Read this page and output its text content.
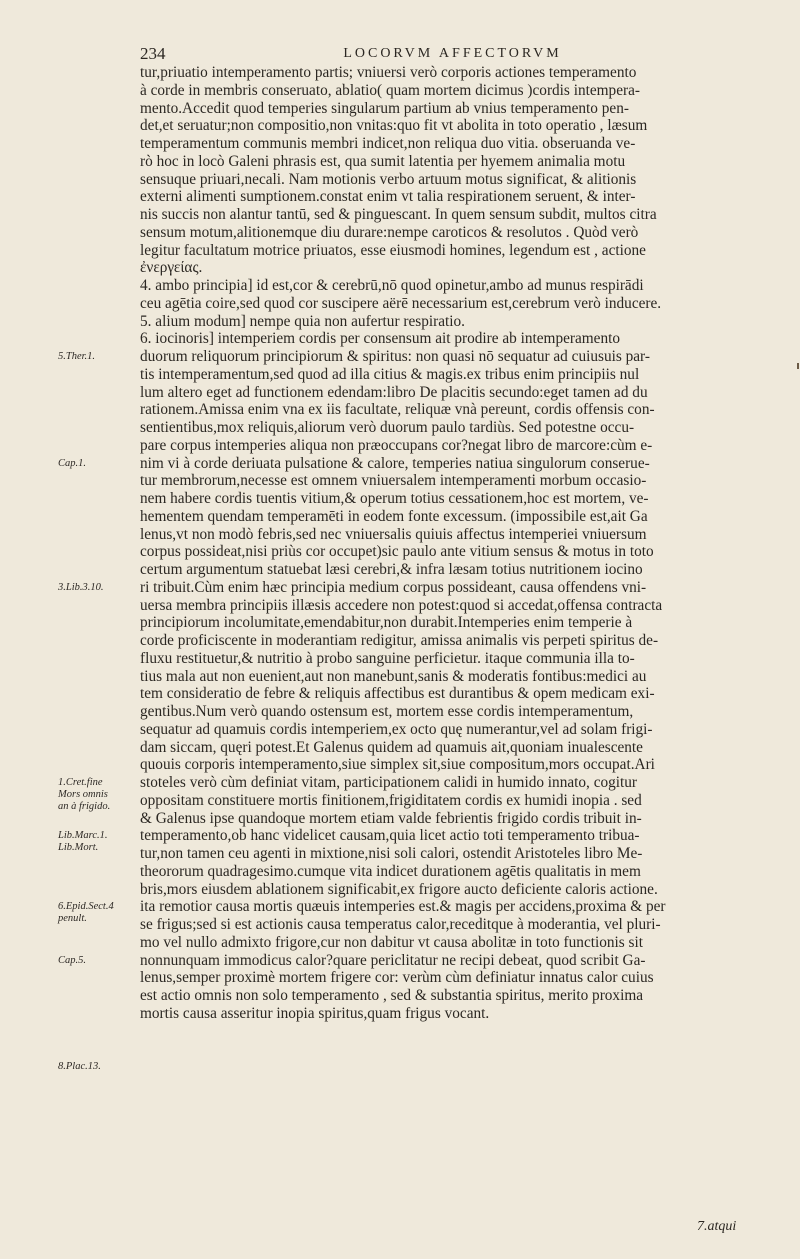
234	LOCORVM AFFECTORVM
tur,priuatio intemperamento partis; vniuersi verò corporis actiones temperamento
à corde in membris conseruato, ablatio( quam mortem dicimus )cordis intempera-
mento.Accedit quod temperies singularum partium ab vnius temperamento pen-
det,et seruatur;non compositio,non vnitas:quo fit vt abolita in toto operatio , læsum
temperamentum communis membri indicet,non reliqua duo vitia. obseruanda ve-
rò hoc in locò Galeni phrasis est, qua sumit latentia per hyemem animalia motu
sensuque priuari,necali. Nam motionis verbo artuum motus significat, & alitionis
externi alimenti sumptionem.constat enim vt talia respirationem seruent, & inter-
nis succis non alantur tantū, sed & pinguescant. In quem sensum subdit, multos citra
sensum motum,alitionemque diu durare:nempe caroticos & resolutos . Quòd verò
legitur facultatum motrice priuatos, esse eiusmodi homines, legendum est , actione
ἐνεργείας.
4. ambo principia] id est,cor & cerebrū,nō quod opinetur,ambo ad munus respirādi
ceu agētia coire,sed quod cor suscipere aërē necessarium est,cerebrum verò inducere.
5. alium modum] nempe quia non aufertur respiratio.
6. iocinoris] intemperiem cordis per consensum ait prodire ab intemperamento
duorum reliquorum principiorum & spiritus: non quasi nō sequatur ad cuiusuis par-
tis intemperamentum,sed quod ad illa citius & magis.ex tribus enim principiis nul
lum altero eget ad functionem edendam:libro De placitis secundo:eget tamen ad du
rationem.Amissa enim vna ex iis facultate, reliquæ vnà pereunt, cordis offensis con-
sentientibus,mox reliquis,aliorum verò duorum paulo tardiùs. Sed potestne occu-
pare corpus intemperies aliqua non præoccupans cor?negat libro de marcore:cùm e-
nim vi à corde deriuata pulsatione & calore, temperies natiua singulorum conserue-
tur membrorum,necesse est omnem vniuersalem intemperamenti morbum occasio-
nem habere cordis tuentis vitium,& operum totius cessationem,hoc est mortem, ve-
hementem quendam temperamēti in eodem fonte excessum. (impossibile est,ait Ga
lenus,vt non modò febris,sed nec vniuersalis quiuis affectus intemperiei vniuersum
corpus possideat,nisi priùs cor occupet)sic paulo ante vitium sensus & motus in toto
certum argumentum statuebat læsi cerebri,& infra læsam totius nutritionem iocino
ri tribuit.Cùm enim hæc principia medium corpus possideant, causa offendens vni-
uersa membra principiis illæsis accedere non potest:quod si accedat,offensa contracta
principiorum incolumitate,emendabitur,non durabit.Intemperies enim temperie à
corde proficiscente in moderantiam redigitur, amissa animalis vis perpeti spiritus de-
fluxu restituetur,& nutritio à probo sanguine perficietur. itaque communia illa to-
tius mala aut non euenient,aut non manebunt,sanis & moderatis fontibus:medici au
tem consideratio de febre & reliquis affectibus est durantibus & opem medicam exi-
gentibus.Num verò quando ostensum est, mortem esse cordis intemperamentum,
sequatur ad quamuis cordis intemperiem,ex octo quę numerantur,vel ad solam frigi-
dam siccam, quęri potest.Et Galenus quidem ad quamuis ait,quoniam inualescente
quouis corporis intemperamento,siue simplex sit,siue compositum,mors occupat.Ari
stoteles verò cùm definiat vitam, participationem calidi in humido innato, cogitur
oppositam constituere mortis finitionem,frigiditatem cordis ex humidi inopia . sed
& Galenus ipse quandoque mortem etiam valde febrientis frigido cordis tribuit in-
temperamento,ob hanc videlicet causam,quia licet actio toti temperamento tribua-
tur,non tamen ceu agenti in mixtione,nisi soli calori, ostendit Aristoteles libro Me-
theororum quadragesimo.cumque vita indicet durationem agētis qualitatis in mem
bris,mors eiusdem ablationem significabit,ex frigore aucto deficiente caloris actione.
ita remotior causa mortis quæuis intemperies est.& magis per accidens,proxima & per
se frigus;sed si est actionis causa temperatus calor,receditque à moderantia, vel pluri-
mo vel nullo admixto frigore,cur non dabitur vt causa abolitæ in toto functionis sit
nonnunquam immodicus calor?quare periclitatur ne recipi debeat, quod scribit Ga-
lenus,semper proximè mortem frigere cor: verùm cùm definiatur innatus calor cuius
est actio omnis non solo temperamento , sed & substantia spiritus, merito proxima
mortis causa asseritur inopia spiritus,quam frigus vocant.
5.Ther.1.
Cap.1.
3.Lib.3.10.
1.Cret.fine
Mors omnis
an à frigido.
Lib.Marc.1.
Lib.Mort.
6.Epid.Sect.4
penult.
Cap.5.
8.Plac.13.
7.atqui
